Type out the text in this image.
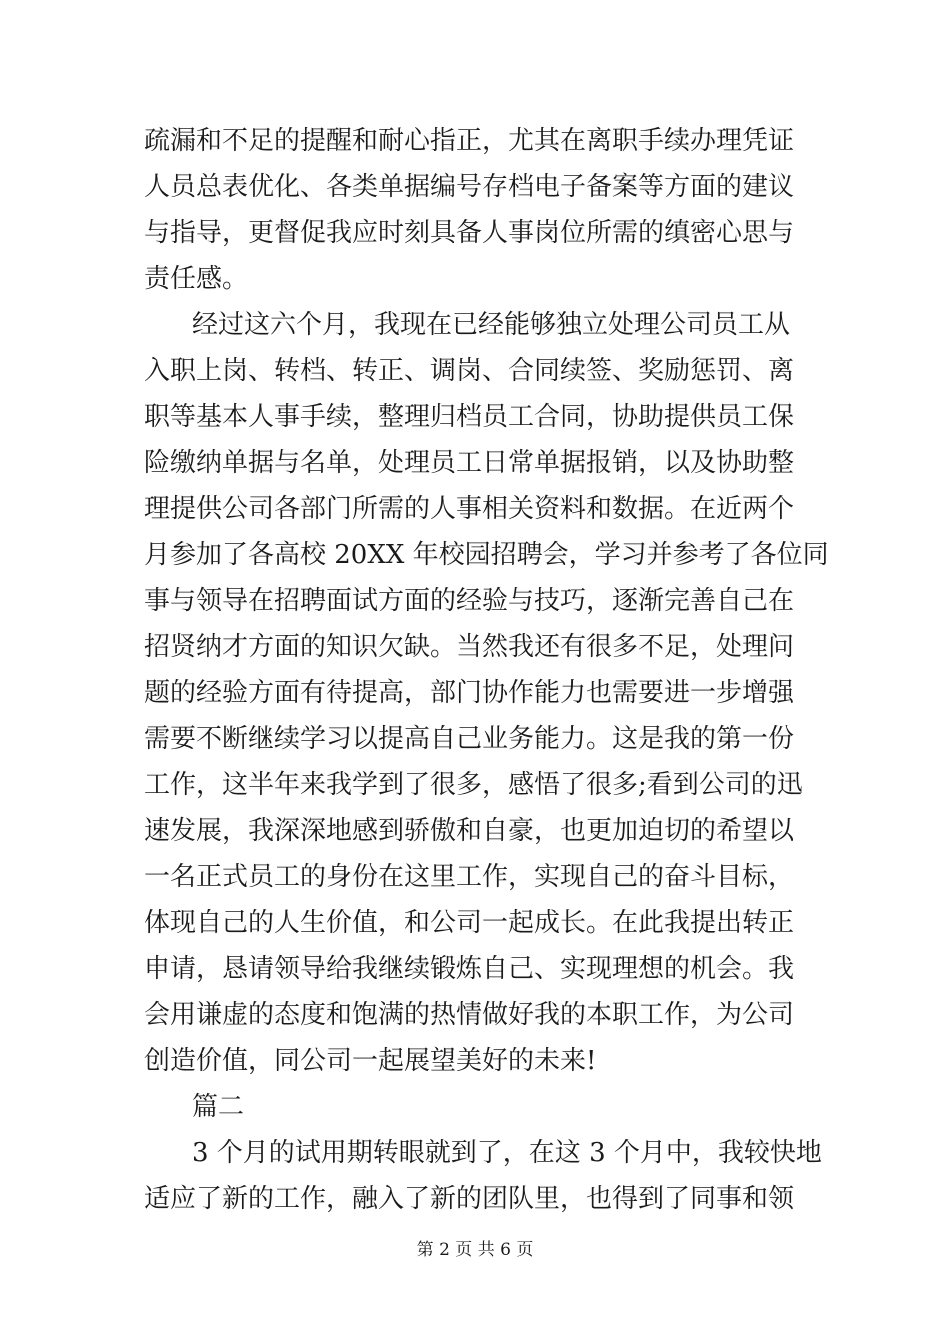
疏漏和不足的提醒和耐心指正，尤其在离职手续办理凭证
人员总表优化、各类单据编号存档电子备案等方面的建议
与指导，更督促我应时刻具备人事岗位所需的缜密心思与
责任感。
经过这六个月，我现在已经能够独立处理公司员工从
入职上岗、转档、转正、调岗、合同续签、奖励惩罚、离
职等基本人事手续，整理归档员工合同，协助提供员工保
险缴纳单据与名单，处理员工日常单据报销，以及协助整
理提供公司各部门所需的人事相关资料和数据。在近两个
月参加了各高校 20XX 年校园招聘会，学习并参考了各位同
事与领导在招聘面试方面的经验与技巧，逐渐完善自己在
招贤纳才方面的知识欠缺。当然我还有很多不足，处理问
题的经验方面有待提高，部门协作能力也需要进一步增强
需要不断继续学习以提高自己业务能力。这是我的第一份
工作，这半年来我学到了很多，感悟了很多;看到公司的迅
速发展，我深深地感到骄傲和自豪，也更加迫切的希望以
一名正式员工的身份在这里工作，实现自己的奋斗目标，
体现自己的人生价值，和公司一起成长。在此我提出转正
申请，恳请领导给我继续锻炼自己、实现理想的机会。我
会用谦虚的态度和饱满的热情做好我的本职工作，为公司
创造价值，同公司一起展望美好的未来!
篇二
3 个月的试用期转眼就到了，在这 3 个月中，我较快地
适应了新的工作，融入了新的团队里，也得到了同事和领
第 2 页 共 6 页
